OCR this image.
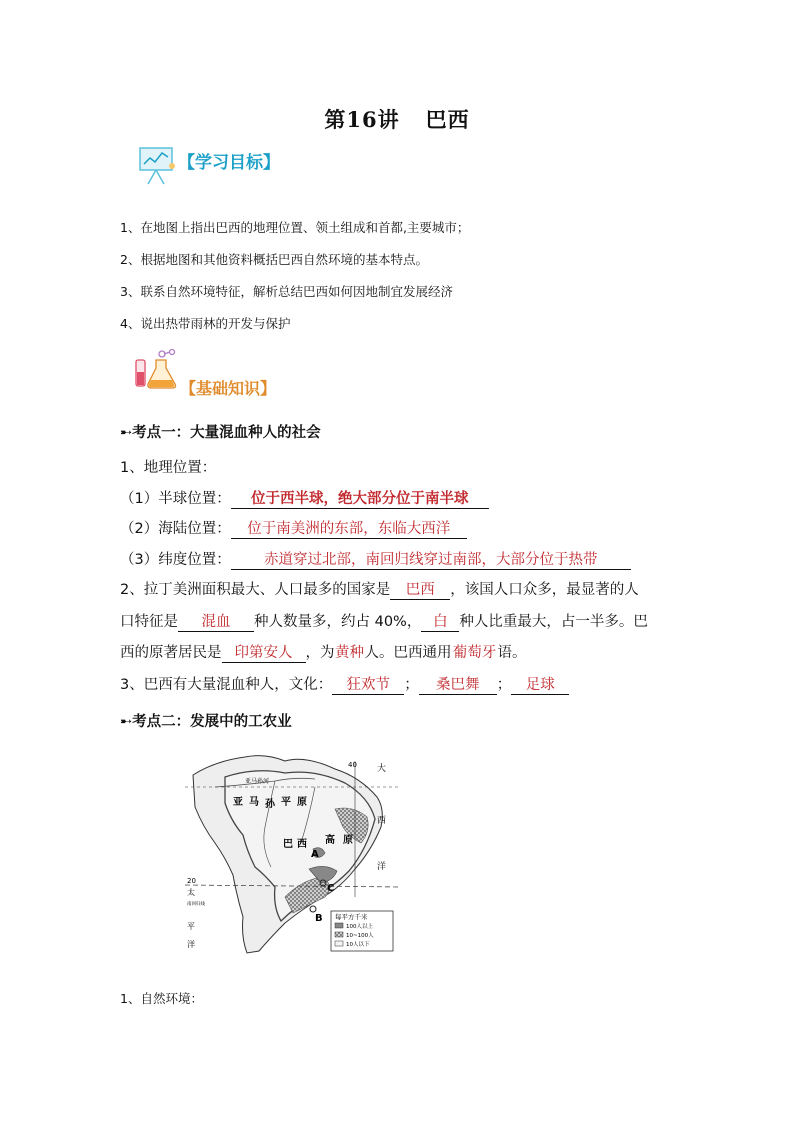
第16讲 巴西
【学习目标】
1、在地图上指出巴西的地理位置、领土组成和首都,主要城市；
2、根据地图和其他资料概括巴西自然环境的基本特点。
3、联系自然环境特征，解析总结巴西如何因地制宜发展经济
4、说出热带雨林的开发与保护
【基础知识】
➸考点一：大量混血种人的社会
1、地理位置：
（1）半球位置： 位于西半球，绝大部分位于南半球
（2）海陆位置： 位于南美洲的东部，东临大西洋
（3）纬度位置： 赤道穿过北部，南回归线穿过南部，大部分位于热带
2、拉丁美洲面积最大、人口最多的国家是 巴西 ，该国人口众多，最显著的人
口特征是 混血 种人数量多，约占 40%， 白 种人比重最大，占一半多。巴
西的原著居民是 印第安人 ，为黄种人。巴西通用葡萄牙语。
3、巴西有大量混血种人，文化： 狂欢节 ； 桑巴舞 ； 足球
➸考点二：发展中的工农业
亚马孙河
亚 马 孙 平 原
巴 西 高 原
A
B
C
40
20
大
西
洋
太
平
洋
南回归线
每平方千米
100人以上
10~100人
10人以下
1、自然环境：
